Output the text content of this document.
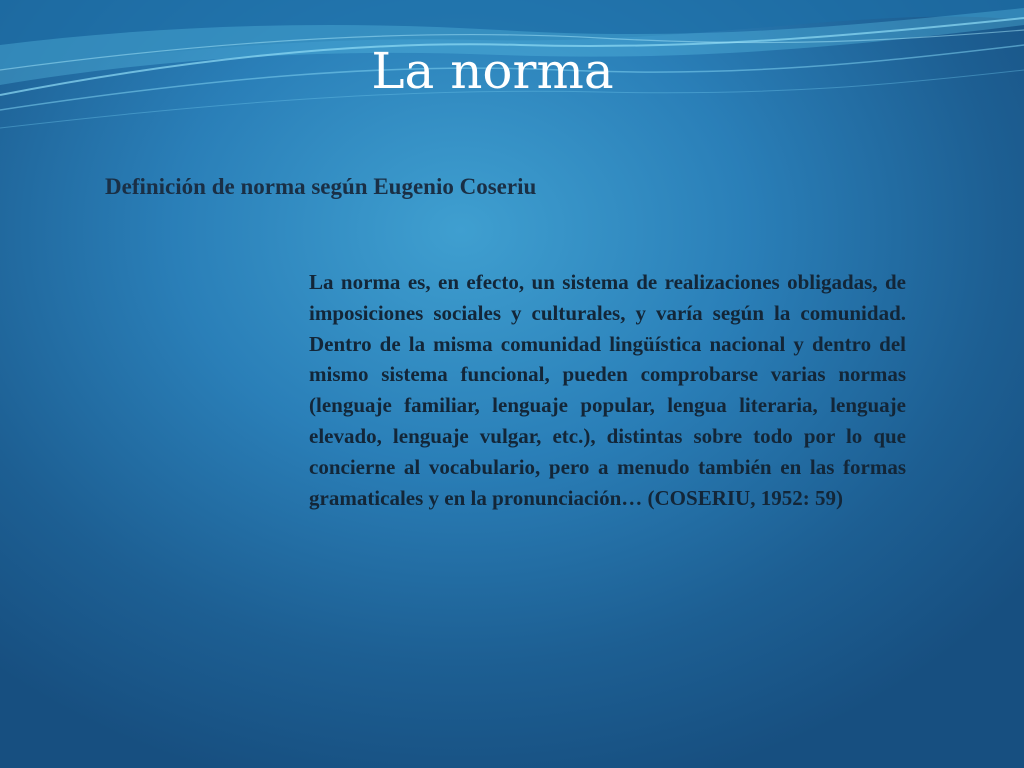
La norma
Definición de norma según Eugenio Coseriu

La norma es, en efecto, un sistema de realizaciones obligadas, de imposiciones sociales y culturales, y varía según la comunidad. Dentro de la misma comunidad lingüística nacional y dentro del mismo sistema funcional, pueden comprobarse varias normas (lenguaje familiar, lenguaje popular, lengua literaria, lenguaje elevado, lenguaje vulgar, etc.), distintas sobre todo por lo que concierne al vocabulario, pero a menudo también en las formas gramaticales y en la pronunciación… (COSERIU, 1952: 59)
